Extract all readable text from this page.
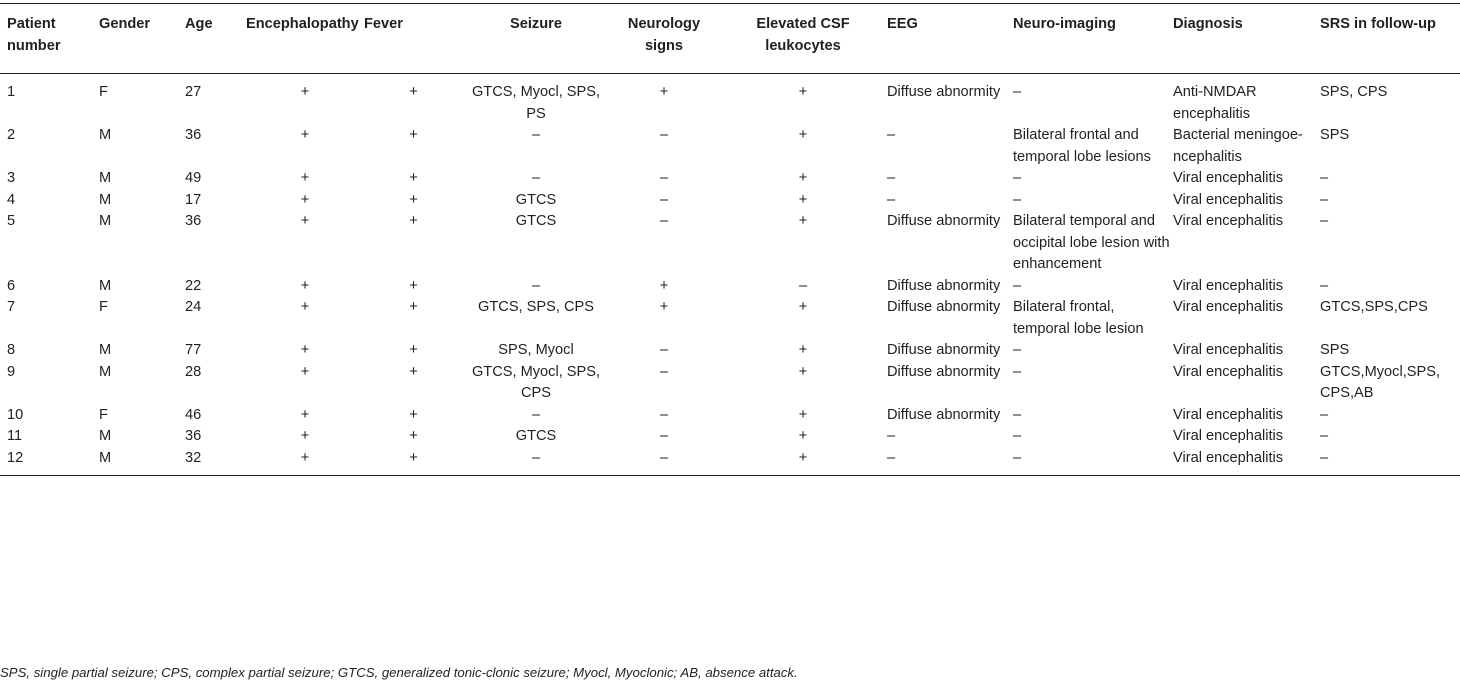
Patient number	Gender	Age	Encephalopathy	Fever	Seizure	Neurology signs	Elevated CSF leukocytes	EEG	Neuro-imaging	Diagnosis	SRS in follow-up
1	F	27	+	+	GTCS, Myocl, SPS, PS	+	+	Diffuse abnormity	–	Anti-NMDAR encephalitis	SPS, CPS
2	M	36	+	+	–	–	+	–	Bilateral frontal and temporal lobe lesions	Bacterial meningoe-ncephalitis	SPS
3	M	49	+	+	–	–	+	–	–	Viral encephalitis	–
4	M	17	+	+	GTCS	–	+	–	–	Viral encephalitis	–
5	M	36	+	+	GTCS	–	+	Diffuse abnormity	Bilateral temporal and occipital lobe lesion with enhancement	Viral encephalitis	–
6	M	22	+	+	–	+	–	Diffuse abnormity	–	Viral encephalitis	–
7	F	24	+	+	GTCS, SPS, CPS	+	+	Diffuse abnormity	Bilateral frontal, temporal lobe lesion	Viral encephalitis	GTCS,SPS,CPS
8	M	77	+	+	SPS, Myocl	–	+	Diffuse abnormity	–	Viral encephalitis	SPS
9	M	28	+	+	GTCS, Myocl, SPS, CPS	–	+	Diffuse abnormity	–	Viral encephalitis	GTCS,Myocl,SPS, CPS,AB
10	F	46	+	+	–	–	+	Diffuse abnormity	–	Viral encephalitis	–
11	M	36	+	+	GTCS	–	+	–	–	Viral encephalitis	–
12	M	32	+	+	–	–	+	–	–	Viral encephalitis	–
SPS, single partial seizure; CPS, complex partial seizure; GTCS, generalized tonic-clonic seizure; Myocl, Myoclonic; AB, absence attack.
